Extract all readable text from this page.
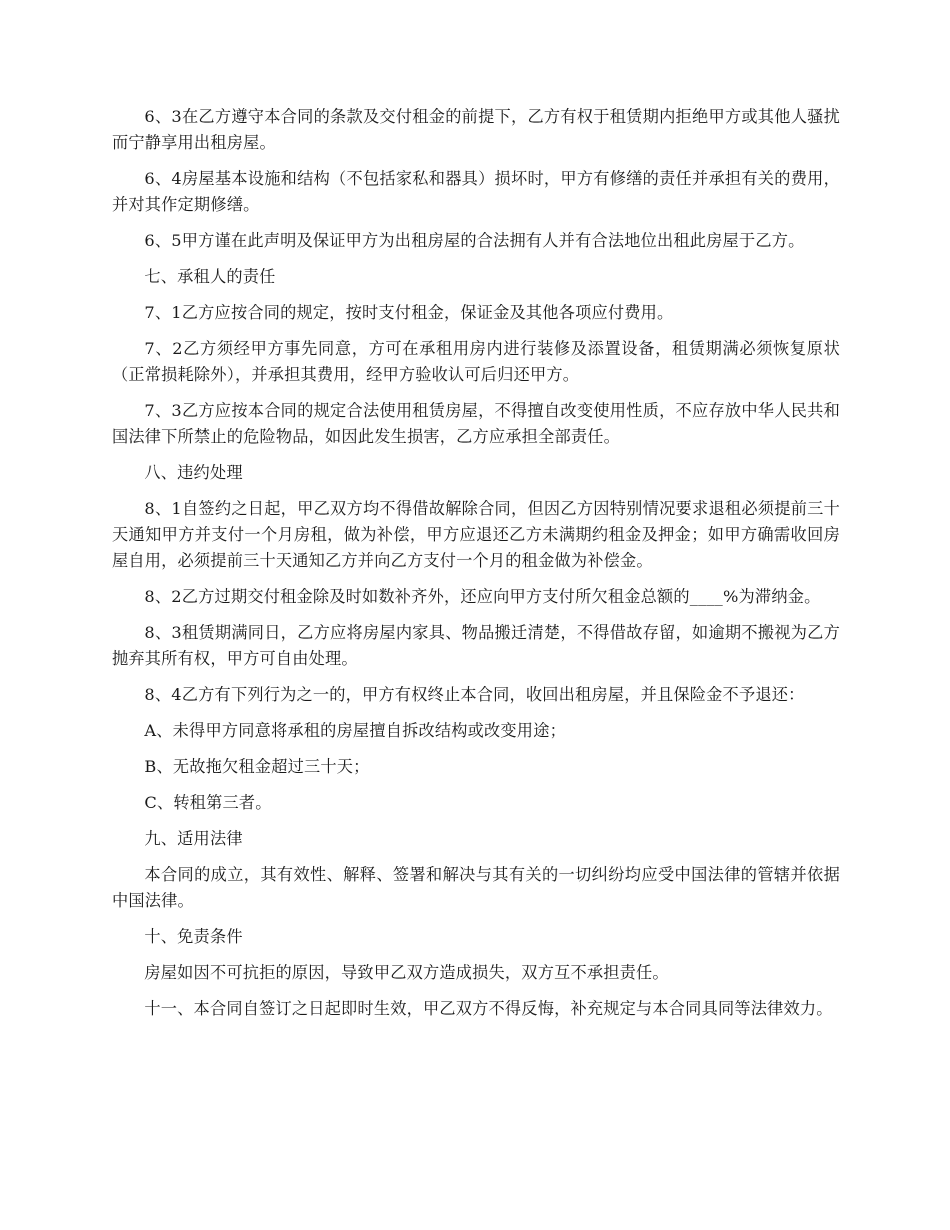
6、3在乙方遵守本合同的条款及交付租金的前提下，乙方有权于租赁期内拒绝甲方或其他人骚扰而宁静享用出租房屋。

6、4房屋基本设施和结构（不包括家私和器具）损坏时，甲方有修缮的责任并承担有关的费用，并对其作定期修缮。

6、5甲方谨在此声明及保证甲方为出租房屋的合法拥有人并有合法地位出租此房屋于乙方。

七、承租人的责任

7、1乙方应按合同的规定，按时支付租金，保证金及其他各项应付费用。

7、2乙方须经甲方事先同意，方可在承租用房内进行装修及添置设备，租赁期满必须恢复原状（正常损耗除外），并承担其费用，经甲方验收认可后归还甲方。

7、3乙方应按本合同的规定合法使用租赁房屋，不得擅自改变使用性质，不应存放中华人民共和国法律下所禁止的危险物品，如因此发生损害，乙方应承担全部责任。

八、违约处理

8、1自签约之日起，甲乙双方均不得借故解除合同，但因乙方因特别情况要求退租必须提前三十天通知甲方并支付一个月房租，做为补偿，甲方应退还乙方未满期约租金及押金；如甲方确需收回房屋自用，必须提前三十天通知乙方并向乙方支付一个月的租金做为补偿金。

8、2乙方过期交付租金除及时如数补齐外，还应向甲方支付所欠租金总额的____%为滞纳金。

8、3租赁期满同日，乙方应将房屋内家具、物品搬迁清楚，不得借故存留，如逾期不搬视为乙方抛弃其所有权，甲方可自由处理。

8、4乙方有下列行为之一的，甲方有权终止本合同，收回出租房屋，并且保险金不予退还：

A、未得甲方同意将承租的房屋擅自拆改结构或改变用途；

B、无故拖欠租金超过三十天；

C、转租第三者。

九、适用法律

本合同的成立，其有效性、解释、签署和解决与其有关的一切纠纷均应受中国法律的管辖并依据中国法律。

十、免责条件

房屋如因不可抗拒的原因，导致甲乙双方造成损失，双方互不承担责任。

十一、本合同自签订之日起即时生效，甲乙双方不得反悔，补充规定与本合同具同等法律效力。
